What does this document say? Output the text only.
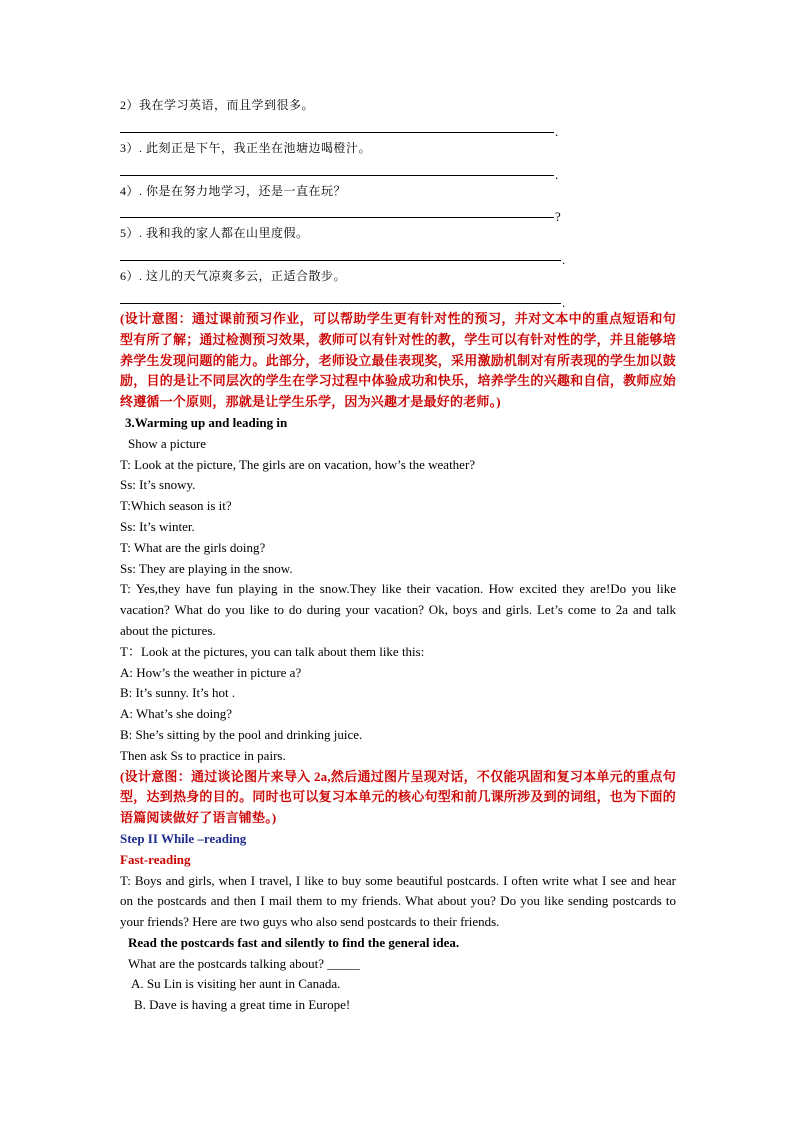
2）我在学习英语，而且学到很多。
.
3）. 此刻正是下午，我正坐在池塘边喝橙汁。
.
4）. 你是在努力地学习，还是一直在玩？
?
5）. 我和我的家人都在山里度假。
.
6）. 这儿的天气凉爽多云，正适合散步。
.
(设计意图：通过课前预习作业，可以帮助学生更有针对性的预习，并对文本中的重点短语和句型有所了解；通过检测预习效果，教师可以有针对性的教，学生可以有针对性的学，并且能够培养学生发现问题的能力。此部分，老师设立最佳表现奖，采用激励机制对有所表现的学生加以鼓励，目的是让不同层次的学生在学习过程中体验成功和快乐，培养学生的兴趣和自信，教师应始终遵循一个原则，那就是让学生乐学，因为兴趣才是最好的老师。)
3.Warming up and leading in
Show a picture
T: Look at the picture, The girls are on vacation, how’s the weather?
Ss: It’s snowy.
T:Which season is it?
Ss: It’s winter.
T: What are the girls doing?
Ss: They are playing in the snow.
T: Yes,they have fun playing in the snow.They like their vacation. How excited they are!Do you like vacation? What do you like to do during your vacation? Ok, boys and girls. Let’s come to 2a and talk about the pictures.
T：Look at the pictures, you can talk about them like this:
A: How’s the weather in picture a?
B: It’s sunny. It’s hot .
A: What’s she doing?
B: She’s sitting by the pool and drinking juice.
Then ask Ss to practice in pairs.
(设计意图：通过谈论图片来导入 2a,然后通过图片呈现对话，不仅能巩固和复习本单元的重点句型，达到热身的目的。同时也可以复习本单元的核心句型和前几课所涉及到的词组，也为下面的语篇阅读做好了语言铺垫。)
Step II While –reading
Fast-reading
T: Boys and girls, when I travel, I like to buy some beautiful postcards. I often write what I see and hear on the postcards and then I mail them to my friends. What about you? Do you like sending postcards to your friends? Here are two guys who also send postcards to their friends.
Read the postcards fast and silently to find the general idea.
What are the postcards talking about? _____
A. Su Lin is visiting her aunt in Canada.
B. Dave is having a great time in Europe!
